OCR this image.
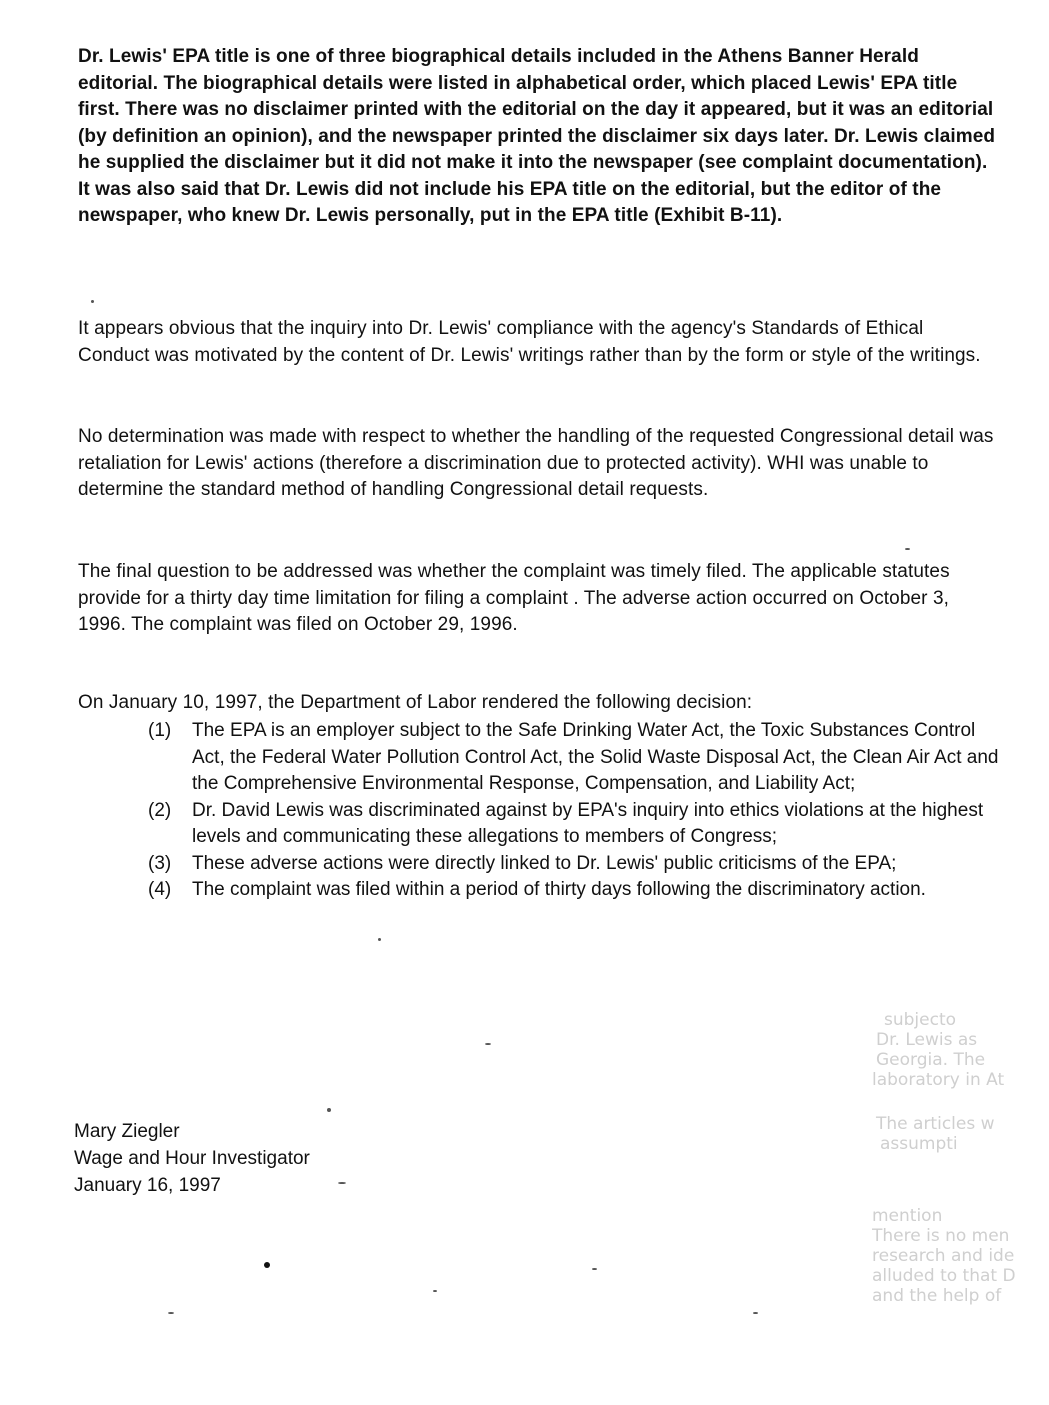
Dr. Lewis' EPA title is one of three biographical details included in the Athens Banner Herald editorial. The biographical details were listed in alphabetical order, which placed Lewis' EPA title first. There was no disclaimer printed with the editorial on the day it appeared, but it was an editorial (by definition an opinion), and the newspaper printed the disclaimer six days later. Dr. Lewis claimed he supplied the disclaimer but it did not make it into the newspaper (see complaint documentation). It was also said that Dr. Lewis did not include his EPA title on the editorial, but the editor of the newspaper, who knew Dr. Lewis personally, put in the EPA title (Exhibit B-11).

It appears obvious that the inquiry into Dr. Lewis' compliance with the agency's Standards of Ethical Conduct was motivated by the content of Dr. Lewis' writings rather than by the form or style of the writings.

No determination was made with respect to whether the handling of the requested Congressional detail was retaliation for Lewis' actions (therefore a discrimination due to protected activity). WHI was unable to determine the standard method of handling Congressional detail requests.

The final question to be addressed was whether the complaint was timely filed. The applicable statutes provide for a thirty day time limitation for filing a complaint . The adverse action occurred on October 3, 1996. The complaint was filed on October 29, 1996.

On January 10, 1997, the Department of Labor rendered the following decision:

(1)	The EPA is an employer subject to the Safe Drinking Water Act, the Toxic Substances Control Act, the Federal Water Pollution Control Act, the Solid Waste Disposal Act, the Clean Air Act and the Comprehensive Environmental Response, Compensation, and Liability Act;
(2)	Dr. David Lewis was discriminated against by EPA's inquiry into ethics violations at the highest levels and communicating these allegations to members of Congress;
(3)	These adverse actions were directly linked to Dr. Lewis' public criticisms of the EPA;
(4)	The complaint was filed within a period of thirty days following the discriminatory action.
Mary Ziegler
Wage and Hour Investigator
January 16, 1997
subjecto
Dr. Lewis as
Georgia. The
laboratory in At
The articles w
assumpti
mention
There is no men
research and ide
alluded to that D
and the help of
